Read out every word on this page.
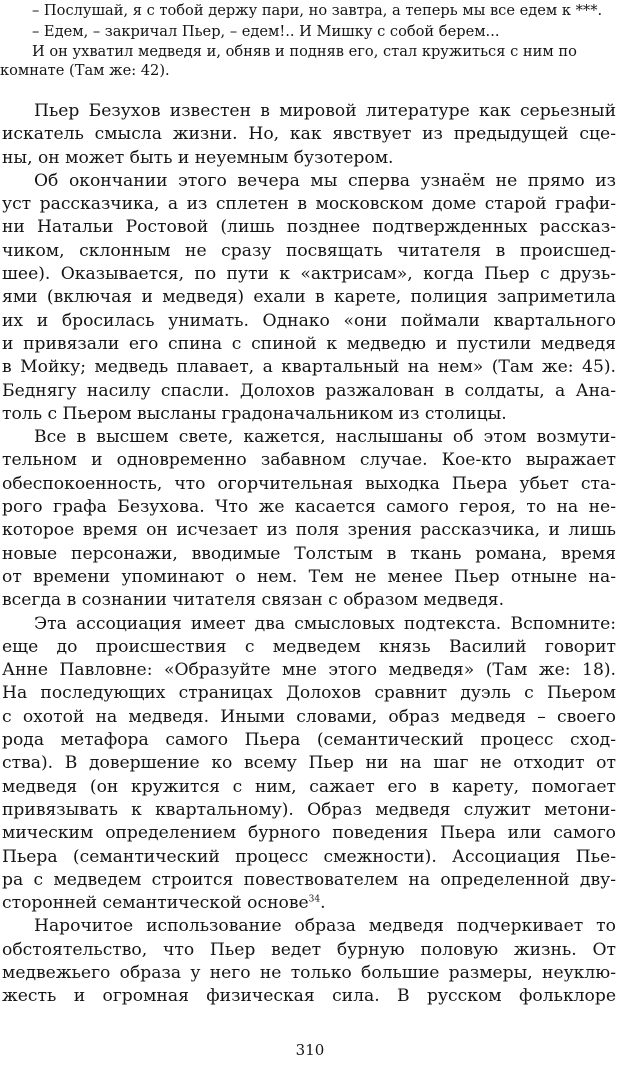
– Послушай, я с тобой держу пари, но завтра, а теперь мы все едем к ***.

– Едем, – закричал Пьер, – едем!.. И Мишку с собой берем...

И он ухватил медведя и, обняв и подняв его, стал кружиться с ним по

комнате (Там же: 42).

Пьер Безухов известен в мировой литературе как серьезный
искатель смысла жизни. Но, как явствует из предыдущей сце-
ны, он может быть и неуемным бузотером.

Об окончании этого вечера мы сперва узнаём не прямо из
уст рассказчика, а из сплетен в московском доме старой графи-
ни Натальи Ростовой (лишь позднее подтвержденных рассказ-
чиком, склонным не сразу посвящать читателя в происшед-
шее). Оказывается, по пути к «актрисам», когда Пьер с друзь-
ями (включая и медведя) ехали в карете, полиция заприметила
их и бросилась унимать. Однако «они поймали квартального
и привязали его спина с спиной к медведю и пустили медведя
в Мойку; медведь плавает, а квартальный на нем» (Там же: 45).
Беднягу насилу спасли. Долохов разжалован в солдаты, а Ана-
толь с Пьером высланы градоначальником из столицы.

Все в высшем свете, кажется, наслышаны об этом возмути-
тельном и одновременно забавном случае. Кое-кто выражает
обеспокоенность, что огорчительная выходка Пьера убьет ста-
рого графа Безухова. Что же касается самого героя, то на не-
которое время он исчезает из поля зрения рассказчика, и лишь
новые персонажи, вводимые Толстым в ткань романа, время
от времени упоминают о нем. Тем не менее Пьер отныне на-
всегда в сознании читателя связан с образом медведя.

Эта ассоциация имеет два смысловых подтекста. Вспомните:
еще до происшествия с медведем князь Василий говорит
Анне Павловне: «Образуйте мне этого медведя» (Там же: 18).
На последующих страницах Долохов сравнит дуэль с Пьером
с охотой на медведя. Иными словами, образ медведя – своего
рода метафора самого Пьера (семантический процесс сход-
ства). В довершение ко всему Пьер ни на шаг не отходит от
медведя (он кружится с ним, сажает его в карету, помогает
привязывать к квартальному). Образ медведя служит метони-
мическим определением бурного поведения Пьера или самого
Пьера (семантический процесс смежности). Ассоциация Пье-
ра с медведем строится повествователем на определенной дву-
сторонней семантической основе$^{34}$.

Нарочитое использование образа медведя подчеркивает то
обстоятельство, что Пьер ведет бурную половую жизнь. От
медвежьего образа у него не только большие размеры, неуклю-
жесть и огромная физическая сила. В русском фольклоре

310
